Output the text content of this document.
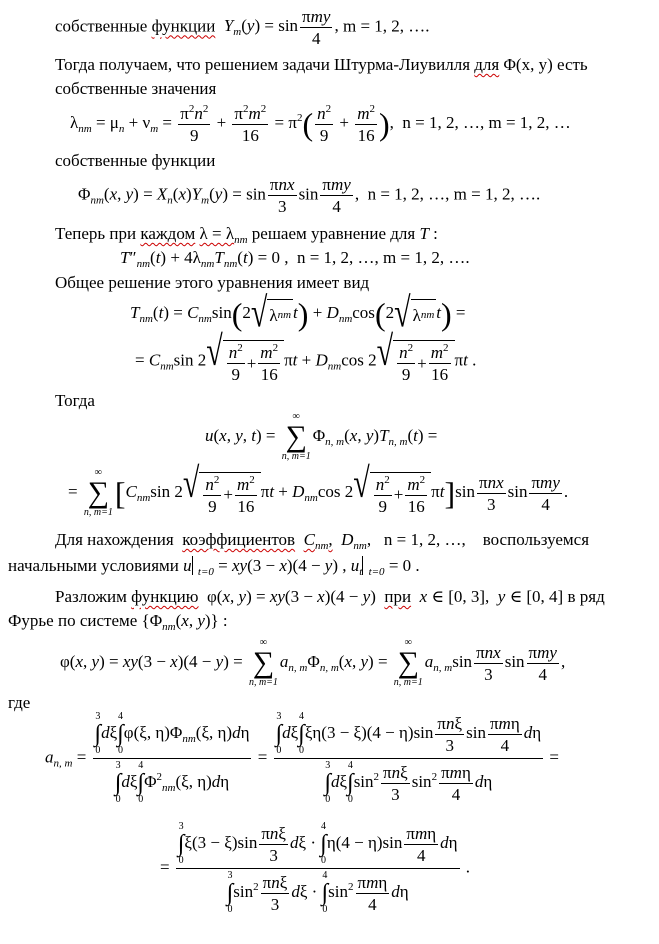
собственные функции $Y_m(y) = \sin \frac{\text{πmy}}{4}$ , m = 1, 2, ….
Тогда получаем, что решением задачи Штурма-Лиувилля для Φ(x, y) есть
собственные значения
$\lambda_{nm} = \mu_n + \nu_m = \frac{\pi^2n^2}{9} + \frac{\pi^2m^2}{16} = \pi^2( \frac{n^2}{9} + \frac{m^2}{16}$ ),  n = 1, 2, …, m = 1, 2, …
собственные функции
$\Phi_{nm}(x$, $y) = X_n(x)Y_m(y) = \sin \frac{\text{πnx}}{3}$ $\sin \frac{\text{πmy}}{4}$ ,  n = 1, 2, …, m = 1, 2, ….
Теперь при каждом $\lambda = \lambda_{nm}$ решаем уравнение для T :
$T''_{nm}(t) + 4\lambda_{nm}T_{nm}(t) = 0$ ,  n = 1, 2, …, m = 1, 2, ….
Общее решение этого уравнения имеет вид
$T_{nm}(t) = C_{nm}\sin(2$ √ λ nm $t) + D_{nm}\cos(2$ √ λ nm t) =
= $C_{nm}\sin$ 2 √ $\frac{n^2}{9} + \frac{m^2}{16}$ $\pi t + D_{nm}\cos$ 2 √ $\frac{n^2}{9} + \frac{m^2}{16}$ πt .
Тогда
u(x, y, t) =
∞
∑
n, m=1
$\Phi_{n, m}(x$, $y)T_{n, m}(t)$ =
=
∞
∑
n, m=1
[$C_{nm}\sin$ 2 √ $\frac{n^2}{9} + \frac{m^2}{16}$ $\pi t + D_{nm}\cos$ 2 √ $\frac{n^2}{9} + \frac{m^2}{16} \pi t]\sin \frac{\text{πnx}}{3}$ $\sin \frac{\text{πmy}}{4}$ .
Для нахождения  коэффициентов $C_{nm}$, $D_{nm}$,   n = 1, 2, …, воспользуемся
начальными условиями u $_{t=0}$ = xy(3 − x)(4 − y) , $u_t$ $_{t=0}$ = 0 .
Разложим функцию φ(x, y) = xy(3 − x)(4 − y) при x ∈ [0, 3],  y ∈ [0, 4] в ряд
Фурье по системе {$\Phi_{nm}(x$, y)} :
φ(x, y) = xy(3 − x)(4 − y) =
∞
∑
n, m=1
$a_{n, m}\Phi_{n, m}(x$, y) =
∞
∑
n, m=1
$a_{n, m}\sin \frac{\text{πnx}}{3}$ $\sin \frac{\text{πmy}}{4}$ ,
где
$a_{n, m} = 3$
∫
0
dξ
4
∫
0
φ(ξ, $\eta)\Phi_{nm}(\xi$, η)dη
3
∫
0
dξ
4
∫
0
$\Phi^2_{nm}(\xi$, η)dη = 3
∫
0
dξ
4
∫
0
$\xi\eta(3 - \xi)(4 - \eta)\sin \frac{\text{πnξ}}{3}$ $\sin \frac{\text{πmη}}{4}$ dη
3
∫
0
dξ
4
∫
0
$\sin^2 \frac{\text{πnξ}}{3} \sin^2 \frac{\text{πmη}}{4}$ dη =
= 3
∫
0
$\xi(3 - \xi)\sin \frac{\text{πnξ}}{3}$ dξ ·
4
∫
0
$\eta(4 - \eta)\sin \frac{\text{πmη}}{4}$ dη
3
∫
0
$\sin^2 \frac{\text{πnξ}}{3}$ dξ ·
4
∫
0
$\sin^2 \frac{\text{πmη}}{4}$ dη .
